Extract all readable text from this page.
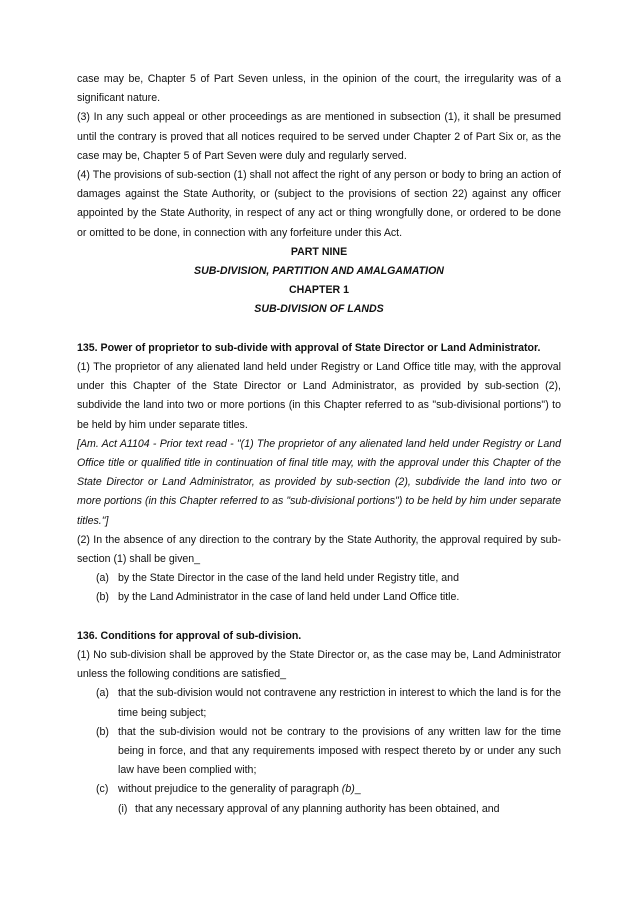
case may be, Chapter 5 of Part Seven unless, in the opinion of the court, the irregularity was of a significant nature.

(3) In any such appeal or other proceedings as are mentioned in subsection (1), it shall be presumed until the contrary is proved that all notices required to be served under Chapter 2 of Part Six or, as the case may be, Chapter 5 of Part Seven were duly and regularly served.

(4) The provisions of sub-section (1) shall not affect the right of any person or body to bring an action of damages against the State Authority, or (subject to the provisions of section 22) against any officer appointed by the State Authority, in respect of any act or thing wrongfully done, or ordered to be done or omitted to be done, in connection with any forfeiture under this Act.

PART NINE

SUB-DIVISION, PARTITION AND AMALGAMATION

CHAPTER 1

SUB-DIVISION OF LANDS

135. Power of proprietor to sub-divide with approval of State Director or Land Administrator.

(1) The proprietor of any alienated land held under Registry or Land Office title may, with the approval under this Chapter of the State Director or Land Administrator, as provided by sub-section (2), subdivide the land into two or more portions (in this Chapter referred to as "sub-divisional portions") to be held by him under separate titles.

[Am. Act A1104 - Prior text read - "(1) The proprietor of any alienated land held under Registry or Land Office title or qualified title in continuation of final title may, with the approval under this Chapter of the State Director or Land Administrator, as provided by sub-section (2), subdivide the land into two or more portions (in this Chapter referred to as "sub-divisional portions") to be held by him under separate titles."]

(2) In the absence of any direction to the contrary by the State Authority, the approval required by sub-section (1) shall be given_

(a) by the State Director in the case of the land held under Registry title, and
(b) by the Land Administrator in the case of land held under Land Office title.

136. Conditions for approval of sub-division.

(1) No sub-division shall be approved by the State Director or, as the case may be, Land Administrator unless the following conditions are satisfied_

(a) that the sub-division would not contravene any restriction in interest to which the land is for the time being subject;
(b) that the sub-division would not be contrary to the provisions of any written law for the time being in force, and that any requirements imposed with respect thereto by or under any such law have been complied with;
(c) without prejudice to the generality of paragraph (b)_
(i) that any necessary approval of any planning authority has been obtained, and
